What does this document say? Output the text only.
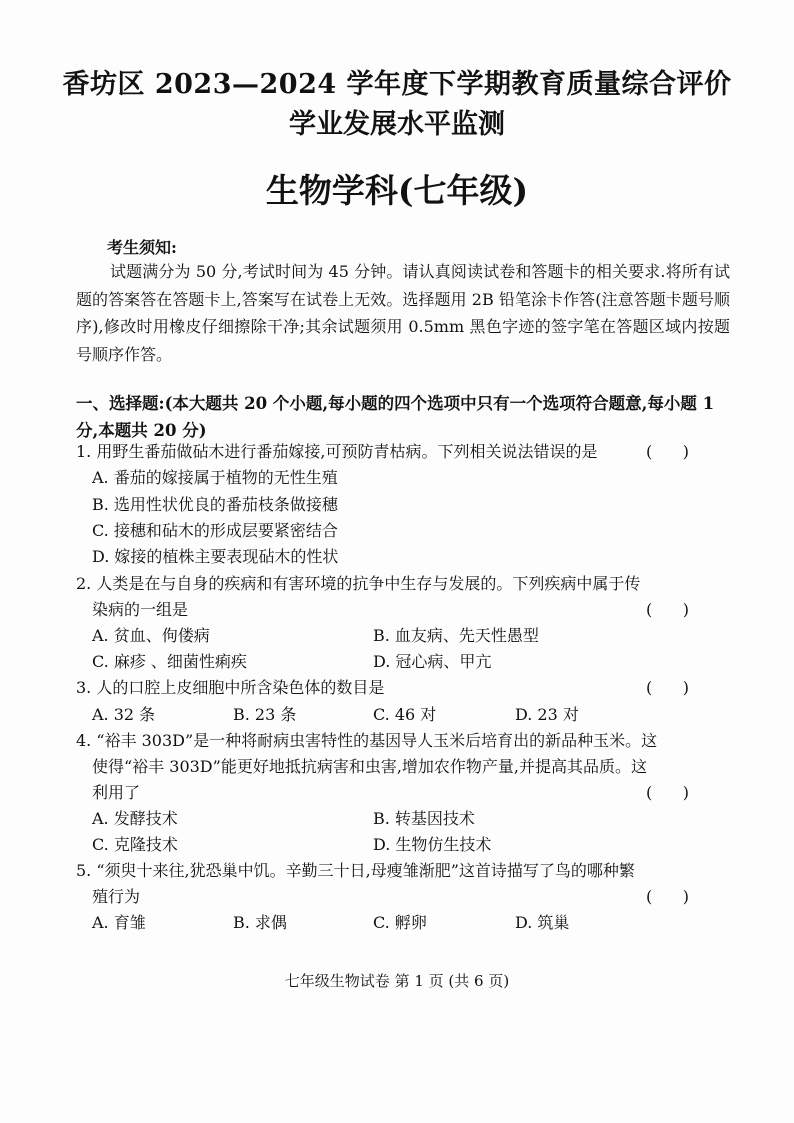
香坊区 2023—2024 学年度下学期教育质量综合评价
学业发展水平监测
生物学科(七年级)
考生须知:
试题满分为 50 分,考试时间为 45 分钟。请认真阅读试卷和答题卡的相关要求.将所有试题的答案答在答题卡上,答案写在试卷上无效。选择题用 2B 铅笔涂卡作答(注意答题卡题号顺序),修改时用橡皮仔细擦除干净;其余试题须用 0.5mm 黑色字迹的签字笔在答题区域内按题号顺序作答。
一、选择题:(本大题共 20 个小题,每小题的四个选项中只有一个选项符合题意,每小题 1 分,本题共 20 分)
1. 用野生番茄做砧木进行番茄嫁接,可预防青枯病。下列相关说法错误的是	(      )
A. 番茄的嫁接属于植物的无性生殖
B. 选用性状优良的番茄枝条做接穗
C. 接穗和砧木的形成层要紧密结合
D. 嫁接的植株主要表现砧木的性状
2. 人类是在与自身的疾病和有害环境的抗争中生存与发展的。下列疾病中属于传
染病的一组是	(      )
A. 贫血、佝偻病	B. 血友病、先天性愚型
C. 麻疹 、细菌性痢疾	D. 冠心病、甲亢
3. 人的口腔上皮细胞中所含染色体的数目是	(      )
A. 32 条	B. 23 条	C. 46 对	D. 23 对
4. “裕丰 303D”是一种将耐病虫害特性的基因导人玉米后培育出的新品种玉米。这
使得“裕丰 303D”能更好地抵抗病害和虫害,增加农作物产量,并提高其品质。这
利用了	(      )
A. 发酵技术	B. 转基因技术
C. 克隆技术	D. 生物仿生技术
5. “须臾十来往,犹恐巢中饥。辛勤三十日,母瘦雏渐肥”这首诗描写了鸟的哪种繁
殖行为	(      )
A. 育雏	B. 求偶	C. 孵卵	D. 筑巢
七年级生物试卷 第 1 页 (共 6 页)
